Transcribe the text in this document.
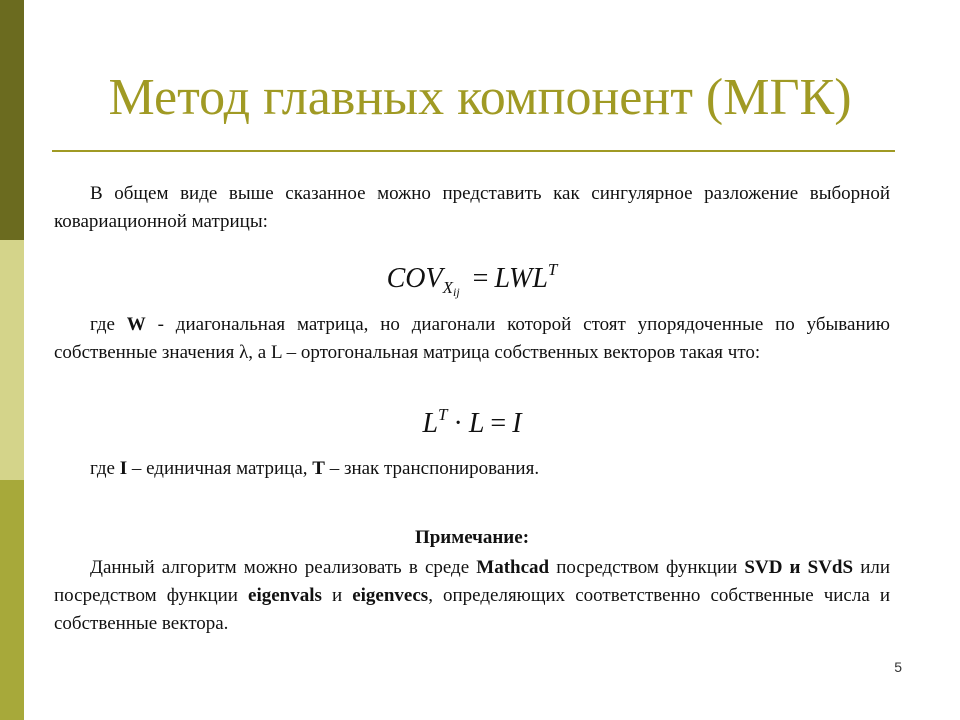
Метод главных компонент (МГК)
В общем виде выше сказанное можно представить как сингулярное разложение выборной ковариационной матрицы:
$COV_{X_{ij}} = LWL^T$
где W - диагональная матрица, но диагонали которой стоят упорядоченные по убыванию собственные значения λ, а L – ортогональная матрица собственных векторов такая что:
$L^T \cdot L = I$
где I – единичная матрица, T – знак транспонирования.
Примечание:
Данный алгоритм можно реализовать в среде Mathcad посредством функции SVD и SVdS или посредством функции eigenvals и eigenvecs, определяющих соответственно собственные числа и собственные вектора.
5
